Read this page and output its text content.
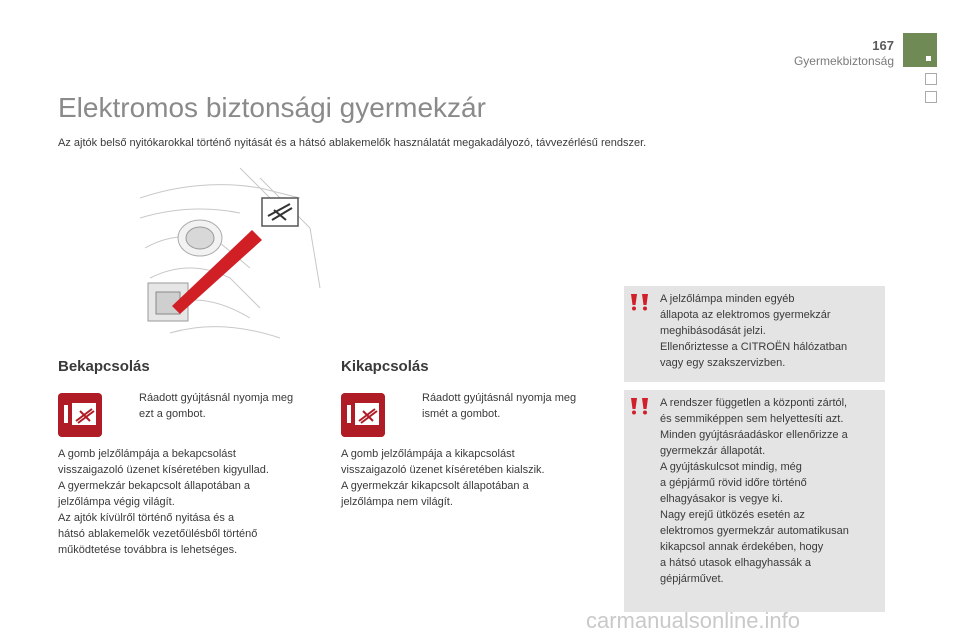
167
Gyermekbiztonság
Elektromos biztonsági gyermekzár
Az ajtók belső nyitókarokkal történő nyitását és a hátsó ablakemelők használatát megakadályozó, távvezérlésű rendszer.
Bekapcsolás
Ráadott gyújtásnál nyomja meg
ezt a gombot.
A gomb jelzőlámpája a bekapcsolást
visszaigazoló üzenet kíséretében kigyullad.
A gyermekzár bekapcsolt állapotában a
jelzőlámpa végig világít.
Az ajtók kívülről történő nyitása és a
hátsó ablakemelők vezetőülésből történő
működtetése továbbra is lehetséges.
Kikapcsolás
Ráadott gyújtásnál nyomja meg
ismét a gombot.
A gomb jelzőlámpája a kikapcsolást
visszaigazoló üzenet kíséretében kialszik.
A gyermekzár kikapcsolt állapotában a
jelzőlámpa nem világít.
A jelzőlámpa minden egyéb
állapota az elektromos gyermekzár
meghibásodását jelzi.
Ellenőriztesse a CITROËN hálózatban
vagy egy szakszervizben.
A rendszer független a központi zártól,
és semmiképpen sem helyettesíti azt.
Minden gyújtásráadáskor ellenőrizze a
gyermekzár állapotát.
A gyújtáskulcsot mindig, még
a gépjármű rövid időre történő
elhagyásakor is vegye ki.
Nagy erejű ütközés esetén az
elektromos gyermekzár automatikusan
kikapcsol annak érdekében, hogy
a hátsó utasok elhagyhassák a
gépjárművet.
carmanualsonline.info
